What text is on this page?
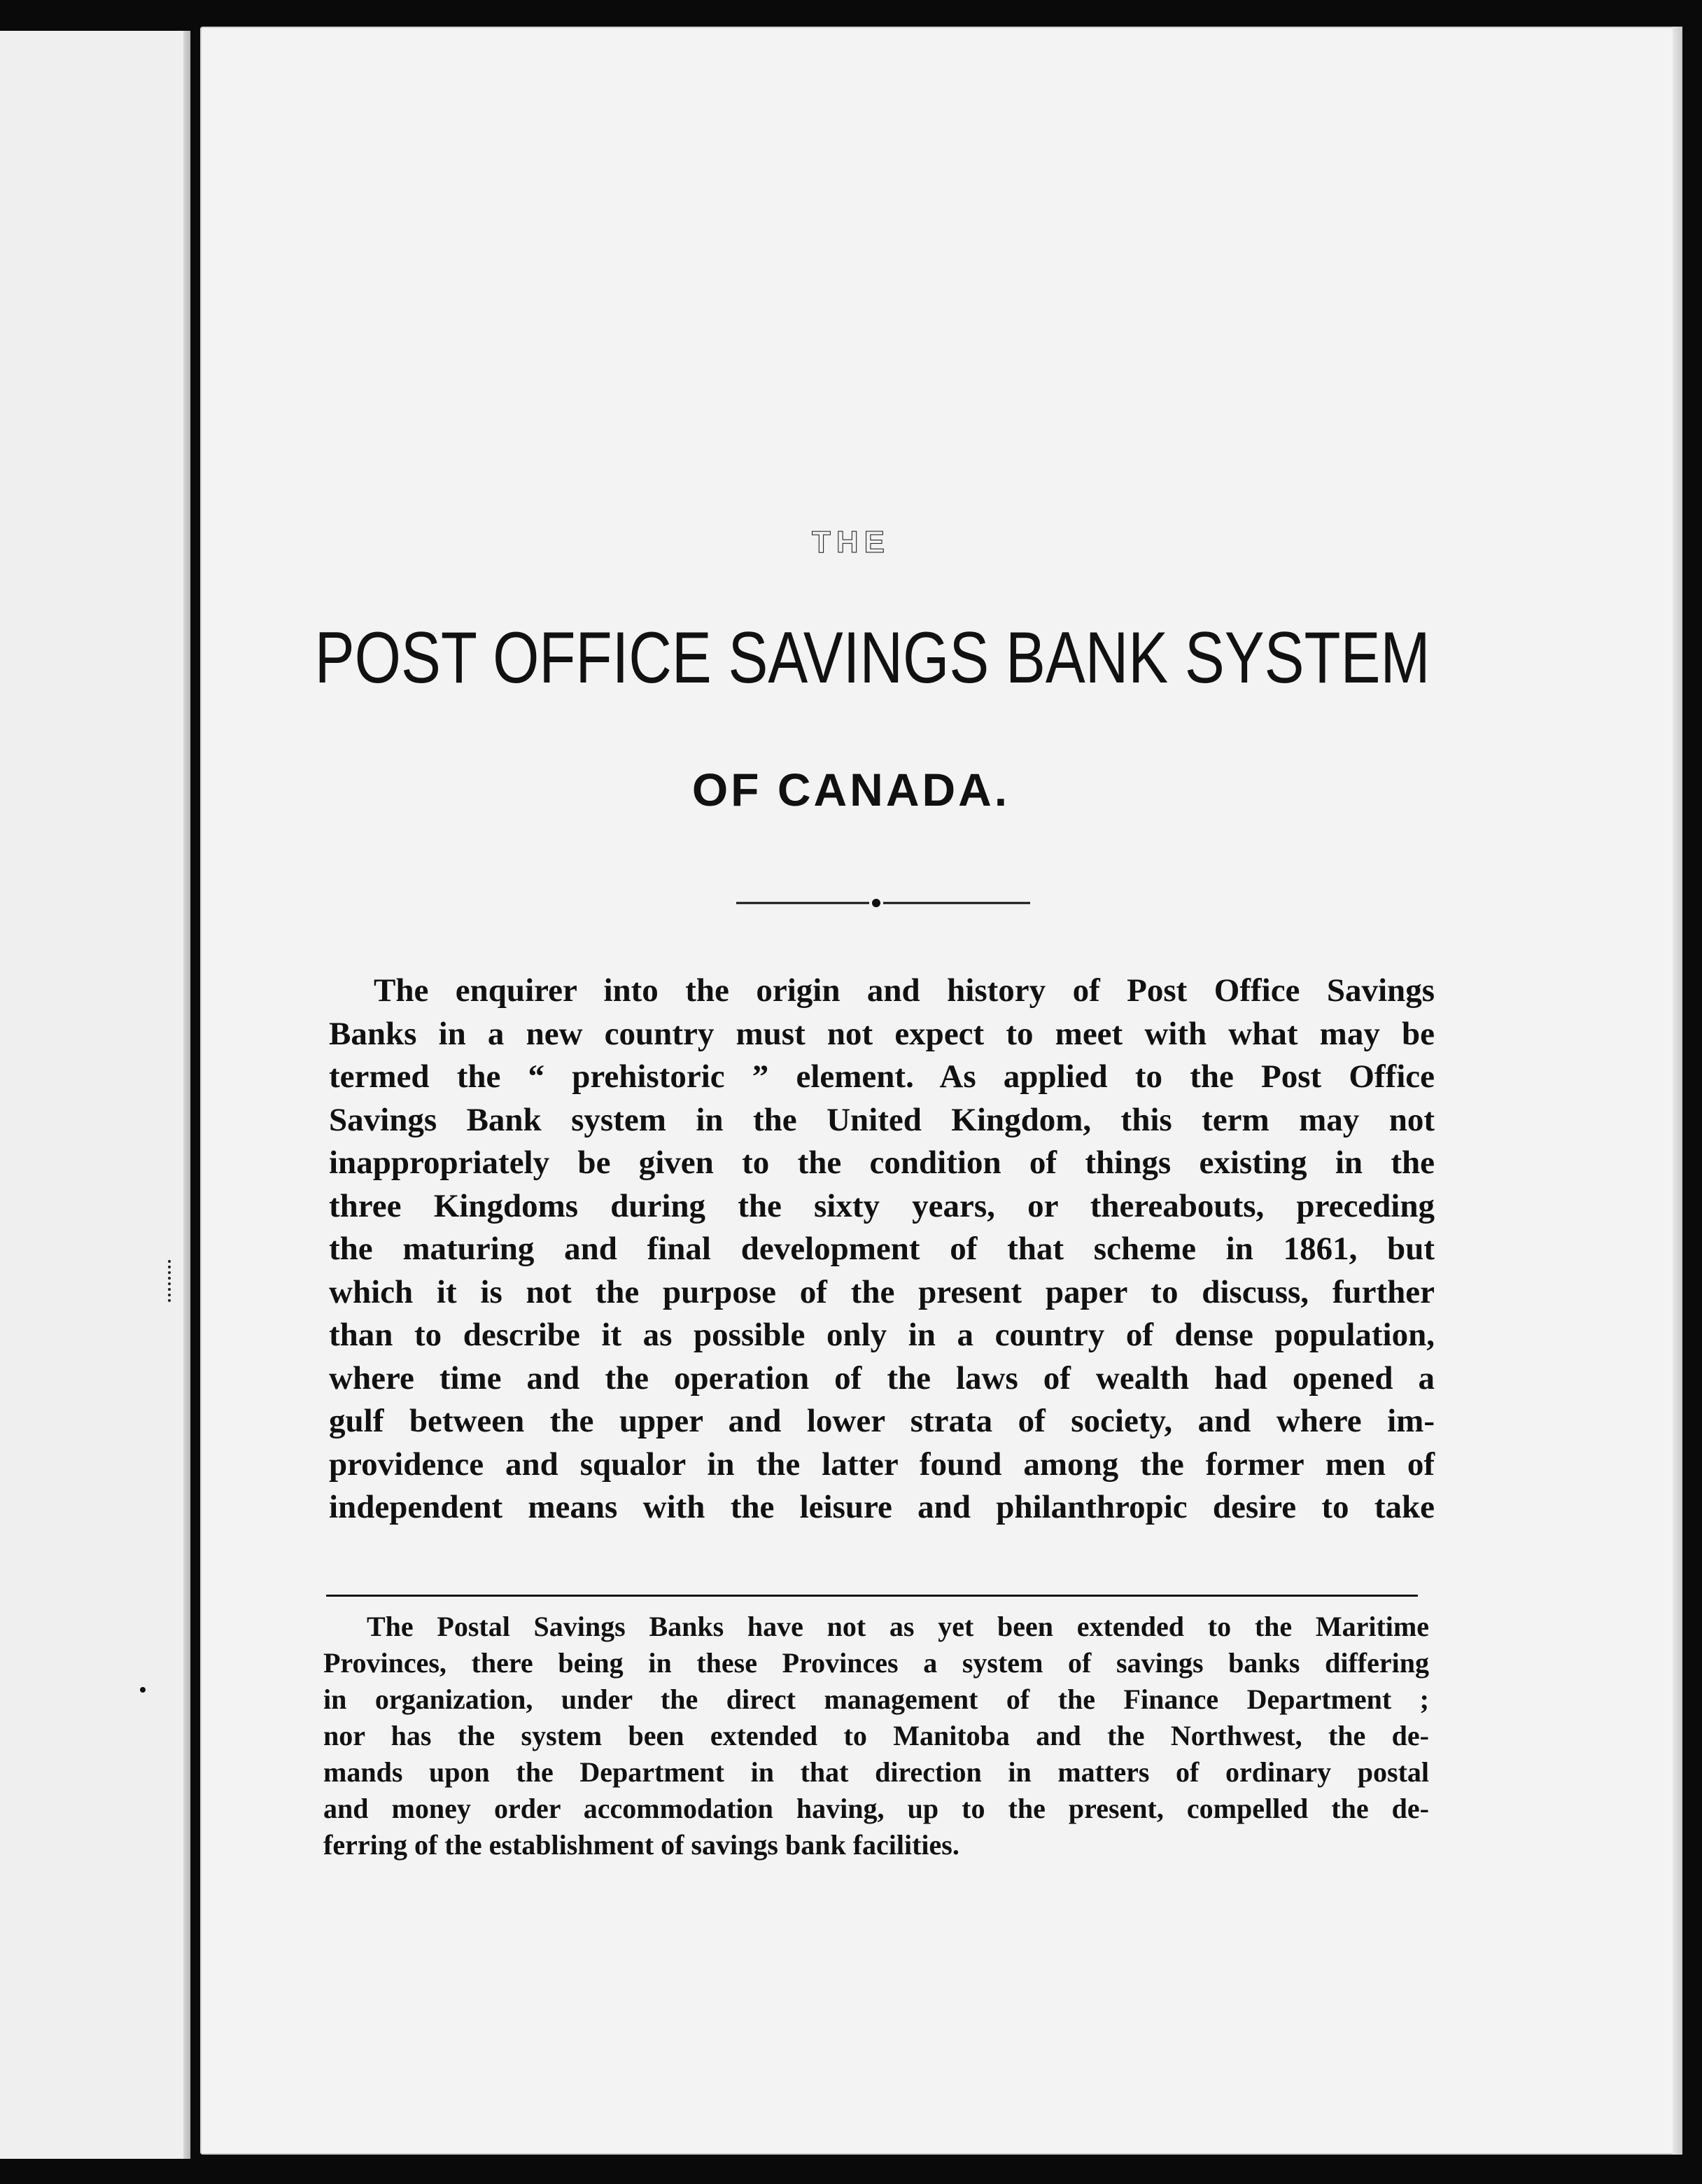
THE
POST OFFICE SAVINGS BANK SYSTEM
OF CANADA.
The enquirer into the origin and history of Post Office Savings
Banks in a new country must not expect to meet with what may be
termed the “ prehistoric ” element. As applied to the Post Office
Savings Bank system in the United Kingdom, this term may not
inappropriately be given to the condition of things existing in the
three Kingdoms during the sixty years, or thereabouts, preceding
the maturing and final development of that scheme in 1861, but
which it is not the purpose of the present paper to discuss, further
than to describe it as possible only in a country of dense population,
where time and the operation of the laws of wealth had opened a
gulf between the upper and lower strata of society, and where im-
providence and squalor in the latter found among the former men of
independent means with the leisure and philanthropic desire to take
The Postal Savings Banks have not as yet been extended to the Maritime
Provinces, there being in these Provinces a system of savings banks differing
in organization, under the direct management of the Finance Department ;
nor has the system been extended to Manitoba and the Northwest, the de-
mands upon the Department in that direction in matters of ordinary postal
and money order accommodation having, up to the present, compelled the de-
ferring of the establishment of savings bank facilities.
